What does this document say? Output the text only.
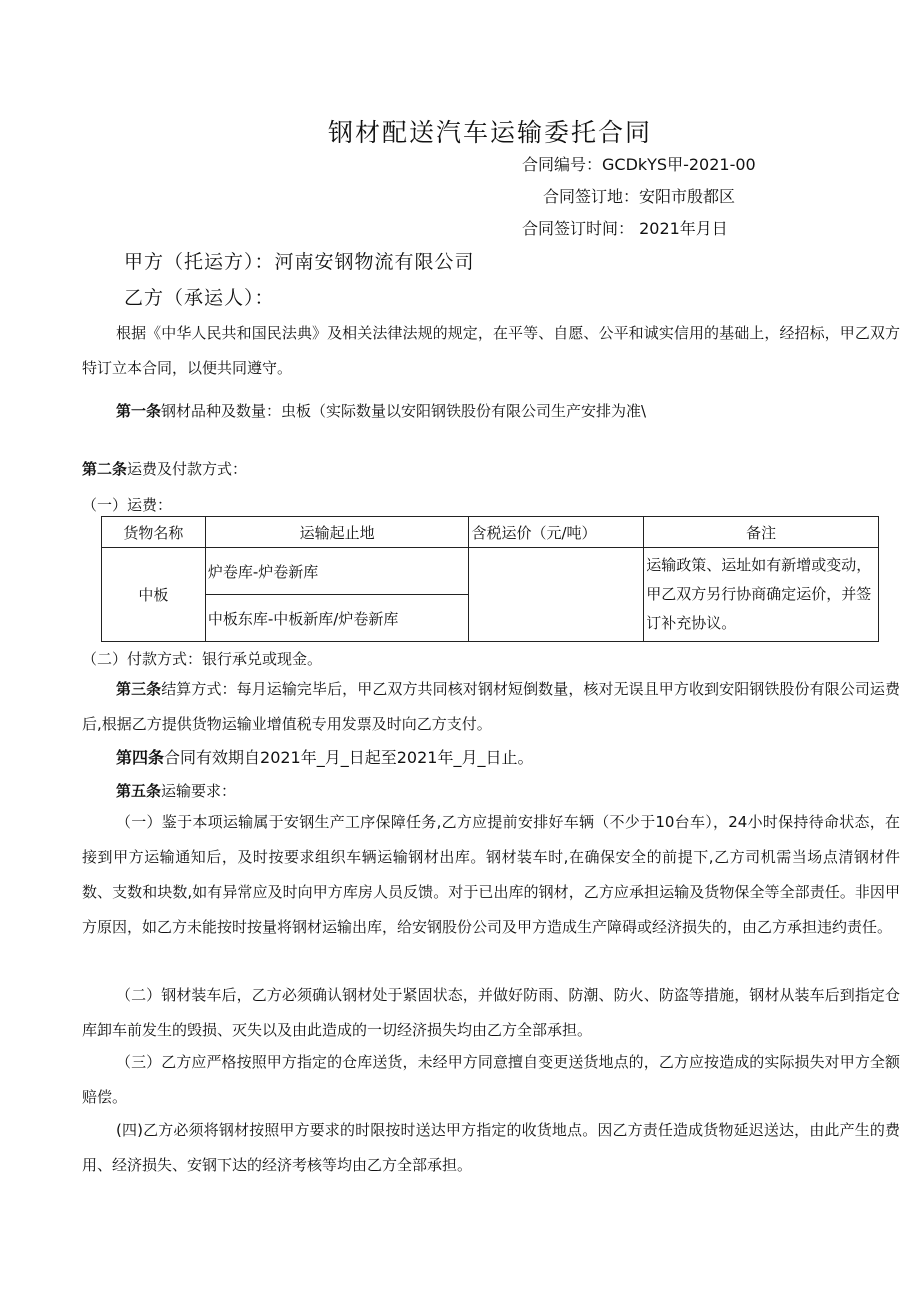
钢材配送汽车运输委托合同
合同编号：GCDkYS甲-2021-00
合同签订地：安阳市殷都区
合同签订时间： 2021年月日
甲方（托运方）：河南安钢物流有限公司
乙方（承运人）：
根据《中华人民共和国民法典》及相关法律法规的规定，在平等、自愿、公平和诚实信用的基础上，经招标，甲乙双方特订立本合同，以便共同遵守。
第一条钢材品种及数量：虫板（实际数量以安阳钢铁股份有限公司生产安排为准\
第二条运费及付款方式：
（一）运费：
货物名称	运输起止地	含税运价（元/吨）	备注
中板	炉卷库-炉卷新库		运输政策、运址如有新增或变动，甲乙双方另行协商确定运价，并签订补充协议。
	中板东库-中板新库/炉卷新库		
（二）付款方式：银行承兑或现金。
第三条结算方式：每月运输完毕后，甲乙双方共同核对钢材短倒数量，核对无误且甲方收到安阳钢铁股份有限公司运费后,根据乙方提供货物运输业增值税专用发票及时向乙方支付。
第四条合同有效期自2021年_月_日起至2021年_月_日止。
第五条运输要求：
（一）鉴于本项运输属于安钢生产工序保障任务,乙方应提前安排好车辆（不少于10台车），24小时保持待命状态，在接到甲方运输通知后，及时按要求组织车辆运输钢材出库。钢材装车时,在确保安全的前提下,乙方司机需当场点清钢材件数、支数和块数,如有异常应及时向甲方库房人员反馈。对于已出库的钢材，乙方应承担运输及货物保全等全部责任。非因甲方原因，如乙方未能按时按量将钢材运输出库，给安钢股份公司及甲方造成生产障碍或经济损失的，由乙方承担违约责任。
（二）钢材装车后，乙方必须确认钢材处于紧固状态，并做好防雨、防潮、防火、防盗等措施，钢材从装车后到指定仓库卸车前发生的毁损、灭失以及由此造成的一切经济损失均由乙方全部承担。
（三）乙方应严格按照甲方指定的仓库送货，未经甲方同意擅自变更送货地点的，乙方应按造成的实际损失对甲方全额赔偿。
(四)乙方必须将钢材按照甲方要求的时限按时送达甲方指定的收货地点。因乙方责任造成货物延迟送达，由此产生的费用、经济损失、安钢下达的经济考核等均由乙方全部承担。
